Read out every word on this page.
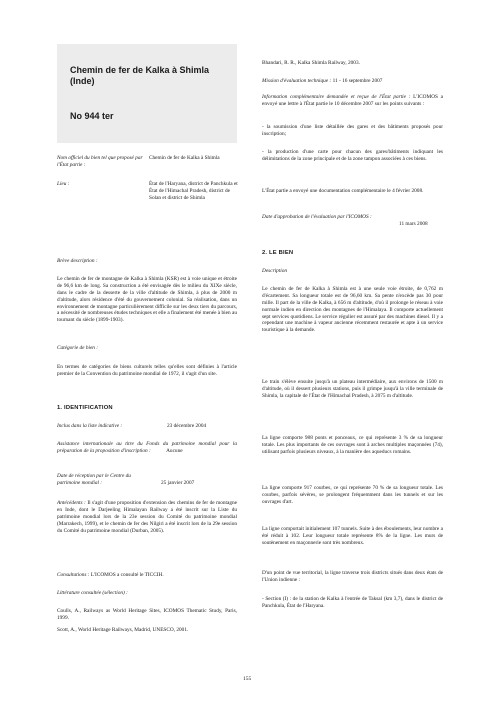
Chemin de fer de Kalka à Shimla (Inde)
No 944 ter
Nom officiel du bien tel que proposé par l'État partie :
Chemin de fer de Kalka à Shimla
Lieu :	État de l'Haryana, district de Panchkula et État de l'Himachal Pradesh, district de Solan et district de Shimla

Brève description :

Le chemin de fer de montagne de Kalka à Shimla (KSR) est à voie unique et étroite de 96,6 km de long. Sa construction a été envisagée dès le milieu du XIXe siècle, dans le cadre de la desserte de la ville d'altitude de Shimla, à plus de 2000 m d'altitude, alors résidence d'été du gouvernement colonial. Sa réalisation, dans un environnement de montagne particulièrement difficile sur les deux tiers du parcours, a nécessité de nombreuses études techniques et elle a finalement été menée à bien au tournant du siècle (1899-1903).

Catégorie de bien :

En termes de catégories de biens culturels telles qu'elles sont définies à l'article premier de la Convention du patrimoine mondial de 1972, il s'agit d'un site.

1. IDENTIFICATION

Inclus dans la liste indicative :	23 décembre 2004

Assistance internationale au titre du Fonds du patrimoine mondial pour la préparation de la proposition d'inscription :	Aucune

Date de réception par le Centre du patrimoine mondial :	25 janvier 2007

Antécédents : Il s'agit d'une proposition d'extension des chemins de fer de montagne en Inde, dont le Darjeeling Himalayan Railway a été inscrit sur la Liste du patrimoine mondial lors de la 23e session du Comité du patrimoine mondial (Marrakech, 1999), et le chemin de fer des Nilgiri a été inscrit lors de la 29e session du Comité du patrimoine mondial (Durban, 2005).

Consultations : L'ICOMOS a consulté le TICCIH.

Littérature consultée (sélection) :

Coulls, A., Railways as World Heritage Sites, ICOMOS Thematic Study, Paris, 1999.

Scott, A., World Heritage Railways, Madrid, UNESCO, 2001.

Bhandari, R. R., Kalka Shimla Railway, 2003.

Mission d'évaluation technique : 11 - 16 septembre 2007

Information complémentaire demandée et reçue de l'État partie : L'ICOMOS a envoyé une lettre à l'État partie le 10 décembre 2007 sur les points suivants :

- la soumission d'une liste détaillée des gares et des bâtiments proposés pour inscription;

- la production d'une carte pour chacun des gares/bâtiments indiquant les délimitations de la zone principale et de la zone tampon associées à ces biens.

L'État partie a envoyé une documentation complémentaire le 4 février 2008.

Date d'approbation de l'évaluation par l'ICOMOS :
11 mars 2008

2. LE BIEN

Description

Le chemin de fer de Kalka à Shimla est à une seule voie étroite, de 0,762 m d'écartement. Sa longueur totale est de 96,60 km. Sa pente n'excède pas 30 pour mille. Il part de la ville de Kalka, à 656 m d'altitude, d'où il prolonge le réseau à voie normale indien en direction des montagnes de l'Himalaya. Il comporte actuellement sept services quotidiens. Le service régulier est assuré par des machines diesel. Il y a cependant une machine à vapeur ancienne récemment restaurée et apte à un service touristique à la demande.

Le train s'élève ensuite jusqu'à un plateau intermédiaire, aux environs de 1500 m d'altitude, où il dessert plusieurs stations, puis il grimpe jusqu'à la ville terminale de Shimla, la capitale de l'État de l'Himachal Pradesh, à 2075 m d'altitude.

La ligne comporte 988 ponts et ponceaux, ce qui représente 3 % de sa longueur totale. Les plus importants de ces ouvrages sont à arches multiples maçonnées (74), utilisant parfois plusieurs niveaux, à la manière des aqueducs romains.

La ligne comporte 917 courbes, ce qui représente 70 % de sa longueur totale. Les courbes, parfois sévères, se prolongent fréquemment dans les tunnels et sur les ouvrages d'art.

La ligne comportait initialement 107 tunnels. Suite à des éboulements, leur nombre a été réduit à 102. Leur longueur totale représente 8% de la ligne. Les murs de soutènement en maçonnerie sont très nombreux.

D'un point de vue territorial, la ligne traverse trois districts situés dans deux états de l'Union indienne :

- Section (I) : de la station de Kalka à l'entrée de Taksal (km 3,7), dans le district de Panchkula, État de l'Haryana.

155
